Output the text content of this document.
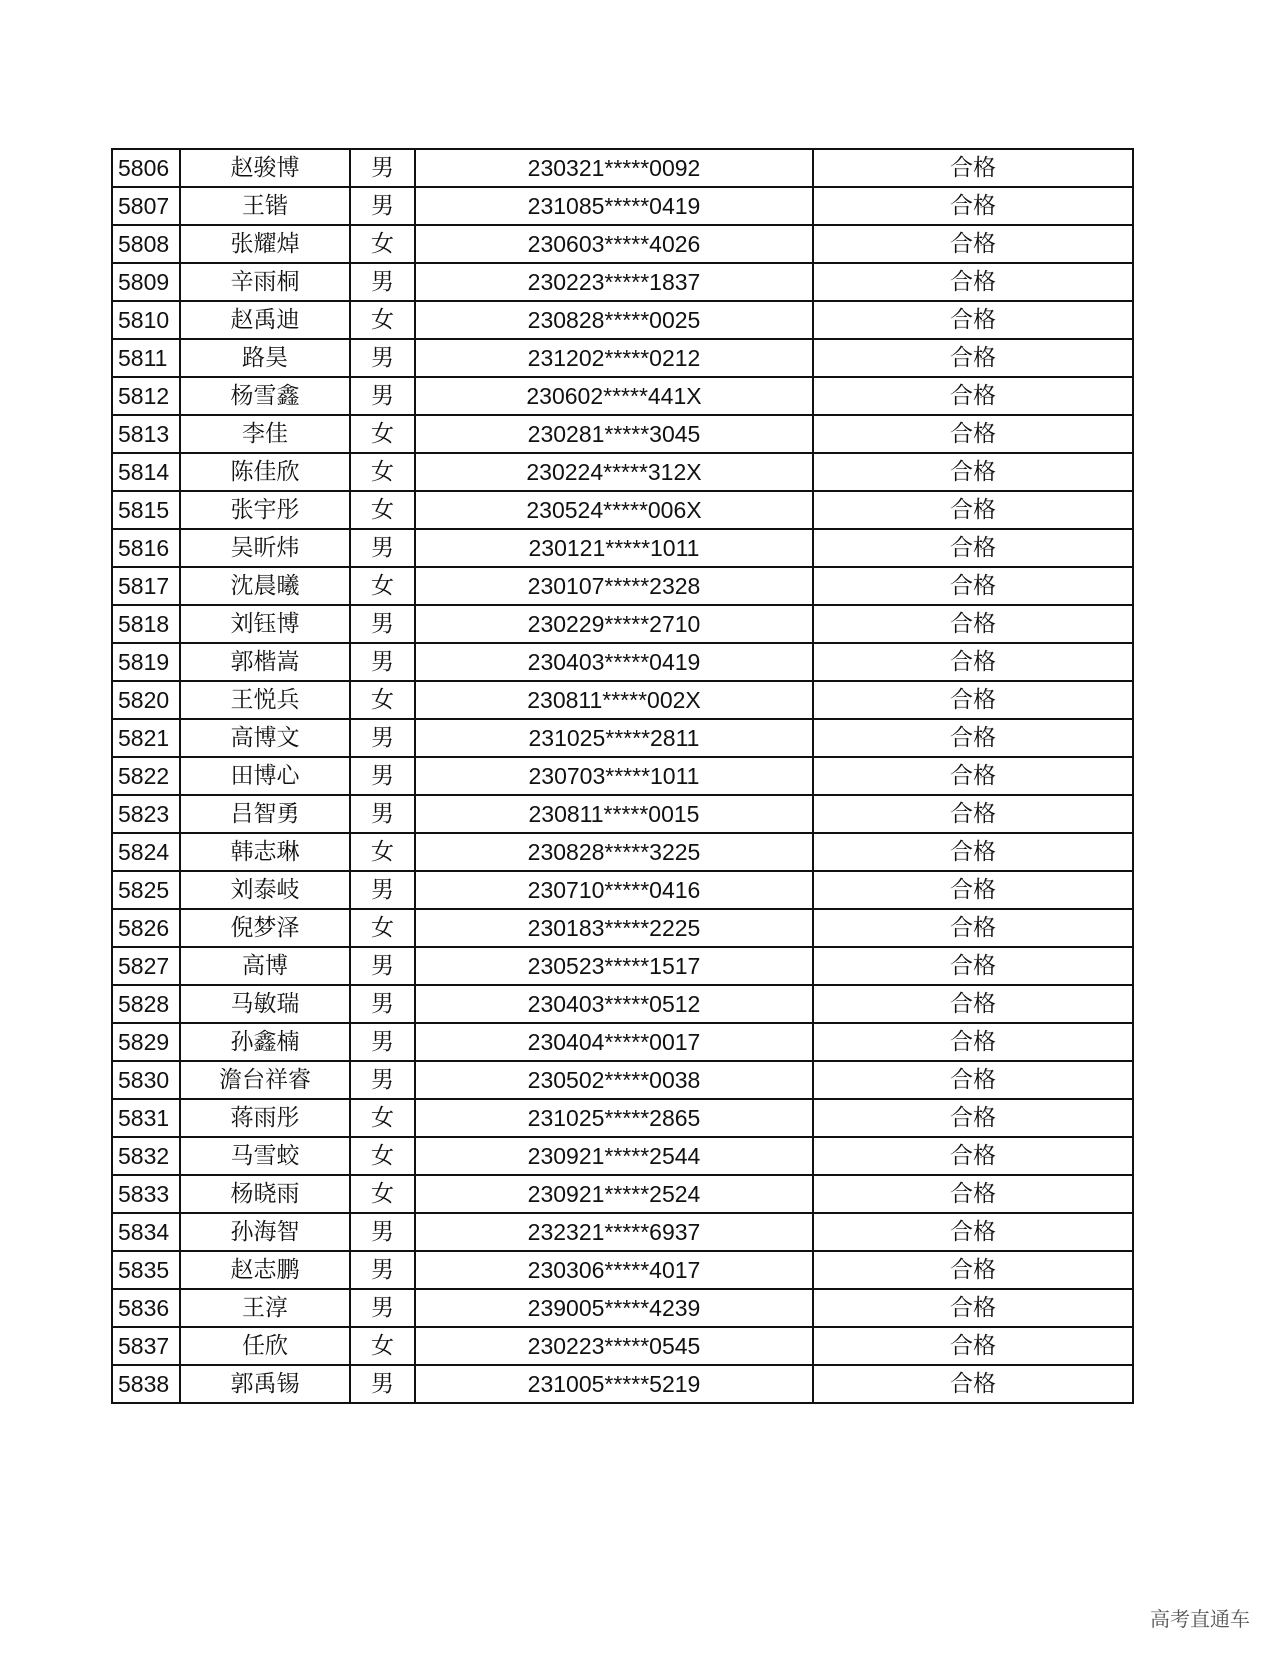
5806	赵骏博	男	230321*****0092	合格
5807	王锴	男	231085*****0419	合格
5808	张耀焯	女	230603*****4026	合格
5809	辛雨桐	男	230223*****1837	合格
5810	赵禹迪	女	230828*****0025	合格
5811	路昊	男	231202*****0212	合格
5812	杨雪鑫	男	230602*****441X	合格
5813	李佳	女	230281*****3045	合格
5814	陈佳欣	女	230224*****312X	合格
5815	张宇彤	女	230524*****006X	合格
5816	吴昕炜	男	230121*****1011	合格
5817	沈晨曦	女	230107*****2328	合格
5818	刘钰博	男	230229*****2710	合格
5819	郭楷嵩	男	230403*****0419	合格
5820	王悦兵	女	230811*****002X	合格
5821	高博文	男	231025*****2811	合格
5822	田博心	男	230703*****1011	合格
5823	吕智勇	男	230811*****0015	合格
5824	韩志琳	女	230828*****3225	合格
5825	刘泰岐	男	230710*****0416	合格
5826	倪梦泽	女	230183*****2225	合格
5827	高博	男	230523*****1517	合格
5828	马敏瑞	男	230403*****0512	合格
5829	孙鑫楠	男	230404*****0017	合格
5830	澹台祥睿	男	230502*****0038	合格
5831	蒋雨彤	女	231025*****2865	合格
5832	马雪蛟	女	230921*****2544	合格
5833	杨晓雨	女	230921*****2524	合格
5834	孙海智	男	232321*****6937	合格
5835	赵志鹏	男	230306*****4017	合格
5836	王淳	男	239005*****4239	合格
5837	任欣	女	230223*****0545	合格
5838	郭禹锡	男	231005*****5219	合格
高考直通车
